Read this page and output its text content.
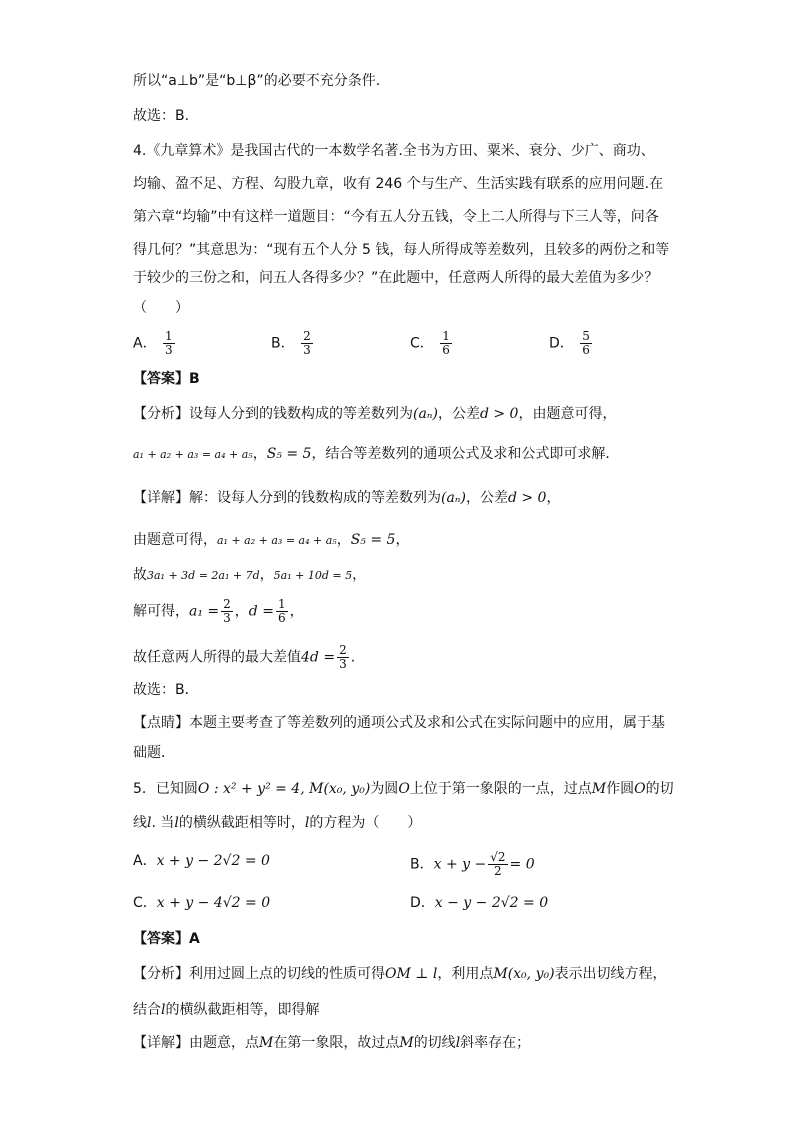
所以“a⊥b”是“b⊥β”的必要不充分条件.
故选：B.
4.《九章算术》是我国古代的一本数学名著.全书为方田、粟米、衰分、少广、商功、
均输、盈不足、方程、勾股九章，收有 246 个与生产、生活实践有联系的应用问题.在
第六章“均输”中有这样一道题目：“今有五人分五钱，令上二人所得与下三人等，问各
得几何？”其意思为：“现有五个人分 5 钱，每人所得成等差数列，且较多的两份之和等
于较少的三份之和，问五人各得多少？”在此题中，任意两人所得的最大差值为多少？
（　　）
A． $\frac{1}{3}$	B． $\frac{2}{3}$	C． $\frac{1}{6}$	D． $\frac{5}{6}$
【答案】B
【分析】设每人分到的钱数构成的等差数列为(aₙ)，公差d > 0，由题意可得，
a₁ + a₂ + a₃ = a₄ + a₅，S₅ = 5，结合等差数列的通项公式及求和公式即可求解．
【详解】解：设每人分到的钱数构成的等差数列为(aₙ)，公差d > 0，
由题意可得，a₁ + a₂ + a₃ = a₄ + a₅，S₅ = 5，
故3a₁ + 3d = 2a₁ + 7d，5a₁ + 10d = 5，
解可得，$a_1 = \frac{2}{3}$ ，$d = \frac{1}{6}$ ，
故任意两人所得的最大差值$4d = \frac{2}{3}$ .
故选：B．
【点睛】本题主要考查了等差数列的通项公式及求和公式在实际问题中的应用，属于基
础题．
5．已知圆O : x² + y² = 4, M(x₀, y₀)为圆O上位于第一象限的一点，过点M作圆O的切
线l. 当l的横纵截距相等时，l的方程为（　　）
A．x + y − 2√2 = 0	B．$x + y - \frac{√2}{2} = 0$
C．x + y − 4√2 = 0	D．x − y − 2√2 = 0
【答案】A
【分析】利用过圆上点的切线的性质可得OM ⊥ l，利用点M(x₀, y₀)表示出切线方程，
结合l的横纵截距相等，即得解
【详解】由题意，点M在第一象限，故过点M的切线l斜率存在；
